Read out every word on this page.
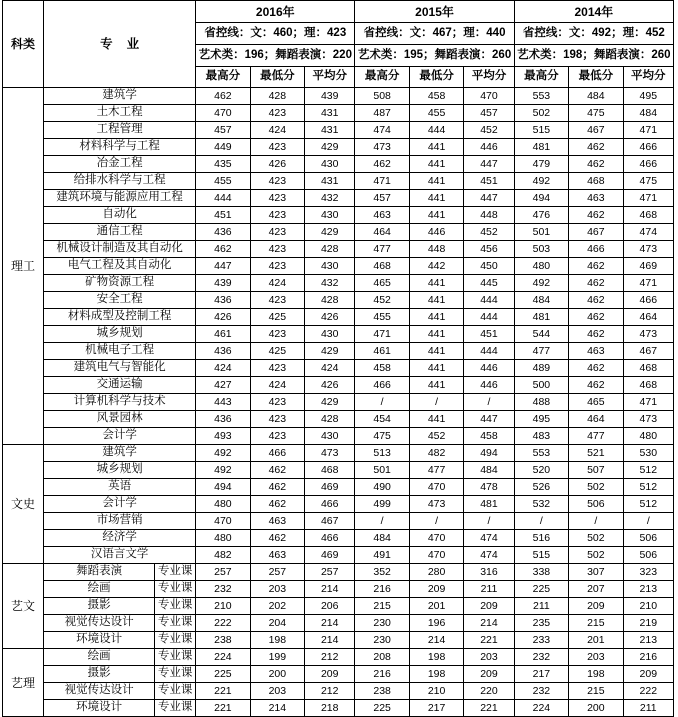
科类	专    业		2016年			2015年			2014年		
			省控线：文：460；理：423			省控线：文：467；理：440			省控线：文：492；理：452		
			艺术类：196；舞蹈表演：220			艺术类：195；舞蹈表演：260			艺术类：198；舞蹈表演：260		
			最高分	最低分	平均分	最高分	最低分	平均分	最高分	最低分	平均分
理工	建筑学		462	428	439	508	458	470	553	484	495
	土木工程		470	423	431	487	455	457	502	475	484
	工程管理		457	424	431	474	444	452	515	467	471
	材料科学与工程		449	423	429	473	441	446	481	462	466
	冶金工程		435	426	430	462	441	447	479	462	466
	给排水科学与工程		455	423	431	471	441	451	492	468	475
	建筑环境与能源应用工程		444	423	432	457	441	447	494	463	471
	自动化		451	423	430	463	441	448	476	462	468
	通信工程		436	423	429	464	446	452	501	467	474
	机械设计制造及其自动化		462	423	428	477	448	456	503	466	473
	电气工程及其自动化		447	423	430	468	442	450	480	462	469
	矿物资源工程		439	424	432	465	441	445	492	462	471
	安全工程		436	423	428	452	441	444	484	462	466
	材料成型及控制工程		426	425	426	455	441	444	481	462	464
	城乡规划		461	423	430	471	441	451	544	462	473
	机械电子工程		436	425	429	461	441	444	477	463	467
	建筑电气与智能化		424	423	424	458	441	446	489	462	468
	交通运输		427	424	426	466	441	446	500	462	468
	计算机科学与技术		443	423	429	/	/	/	488	465	471
	风景园林		436	423	428	454	441	447	495	464	473
	会计学		493	423	430	475	452	458	483	477	480
文史	建筑学		492	466	473	513	482	494	553	521	530
	城乡规划		492	462	468	501	477	484	520	507	512
	英语		494	462	469	490	470	478	526	502	512
	会计学		480	462	466	499	473	481	532	506	512
	市场营销		470	463	467	/	/	/	/	/	/
	经济学		480	462	466	484	470	474	516	502	506
	汉语言文学		482	463	469	491	470	474	515	502	506
艺文	舞蹈表演	专业课	257	257	257	352	280	316	338	307	323
	绘画	专业课	232	203	214	216	209	211	225	207	213
	摄影	专业课	210	202	206	215	201	209	211	209	210
	视觉传达设计	专业课	222	204	214	230	196	214	235	215	219
	环境设计	专业课	238	198	214	230	214	221	233	201	213
艺理	绘画	专业课	224	199	212	208	198	203	232	203	216
	摄影	专业课	225	200	209	216	198	209	217	198	209
	视觉传达设计	专业课	221	203	212	238	210	220	232	215	222
	环境设计	专业课	221	214	218	225	217	221	224	200	211
